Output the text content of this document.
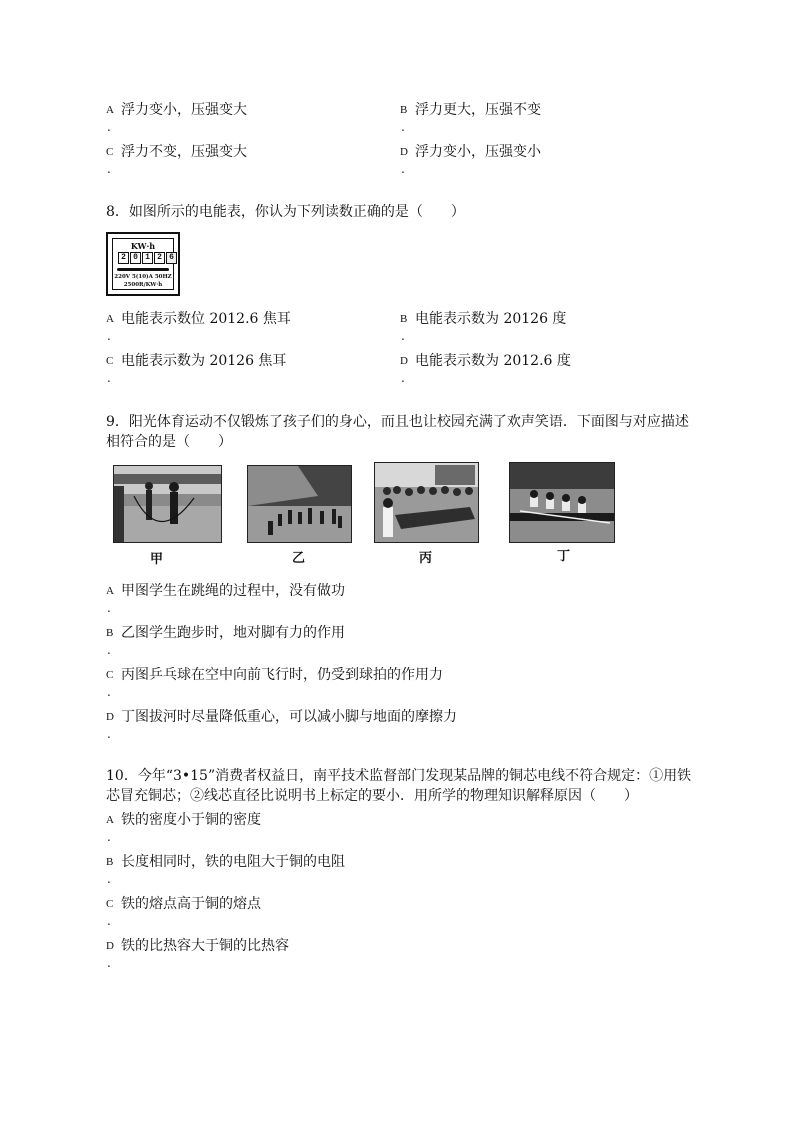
A 浮力变小，压强变大
.
B 浮力更大，压强不变
.
C 浮力不变，压强变大
.
D 浮力变小，压强变小
.
8．如图所示的电能表，你认为下列读数正确的是（　　）
KW·h
2 0 1 2 6
220V 5(10)A 50HZ
2500R/KW·h
A 电能表示数位 2012.6 焦耳
.
B 电能表示数为 20126 度
.
C 电能表示数为 20126 焦耳
.
D 电能表示数为 2012.6 度
.
9．阳光体育运动不仅锻炼了孩子们的身心，而且也让校园充满了欢声笑语．下面图与对应描述
相符合的是（　　）
甲	乙	丙	丁
A 甲图学生在跳绳的过程中，没有做功
.
B 乙图学生跑步时，地对脚有力的作用
.
C 丙图乒乓球在空中向前飞行时，仍受到球拍的作用力
.
D 丁图拔河时尽量降低重心，可以减小脚与地面的摩擦力
.
10．今年“3•15”消费者权益日，南平技术监督部门发现某品牌的铜芯电线不符合规定：①用铁
芯冒充铜芯；②线芯直径比说明书上标定的要小．用所学的物理知识解释原因（　　）
A 铁的密度小于铜的密度
.
B 长度相同时，铁的电阻大于铜的电阻
.
C 铁的熔点高于铜的熔点
.
D 铁的比热容大于铜的比热容
.
